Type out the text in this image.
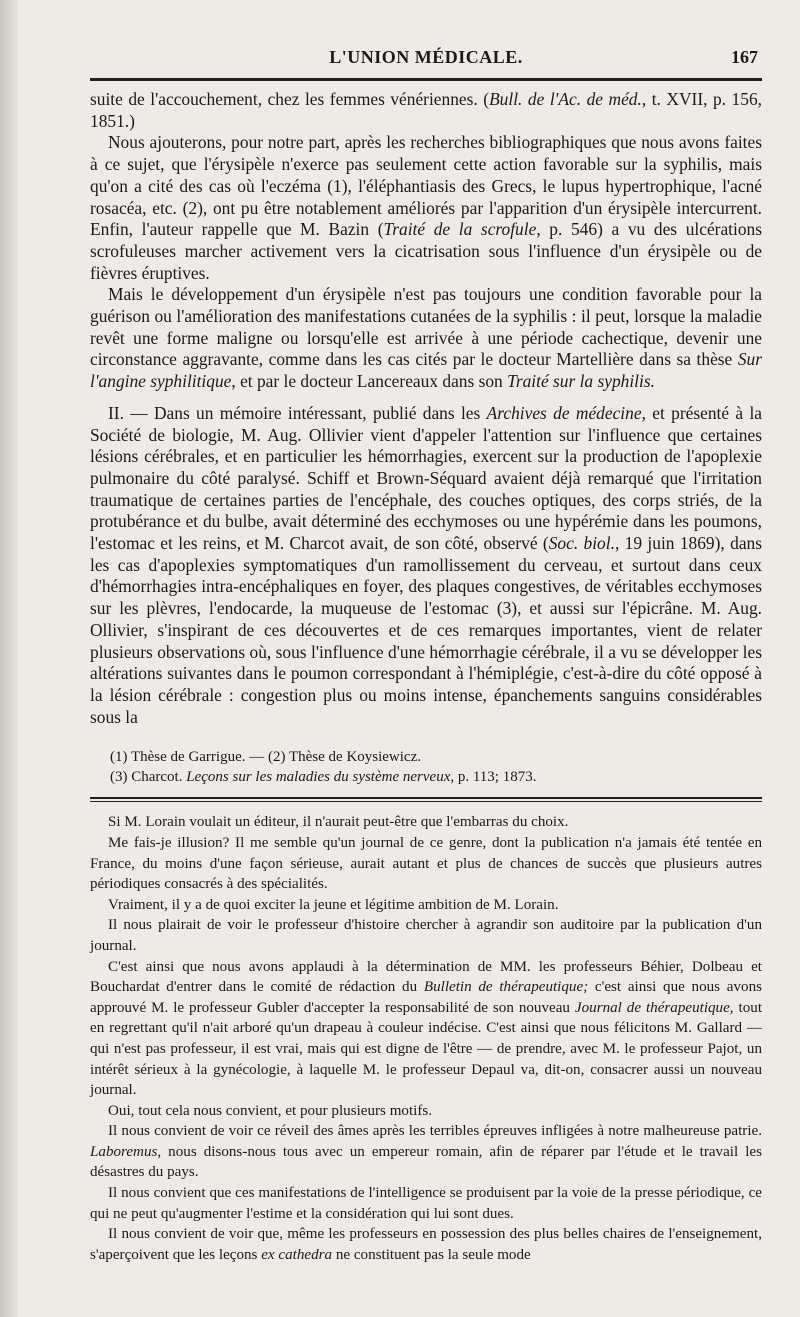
L'UNION MÉDICALE.	167

suite de l'accouchement, chez les femmes vénériennes. (Bull. de l'Ac. de méd., t. XVII, p. 156, 1851.)

Nous ajouterons, pour notre part, après les recherches bibliographiques que nous avons faites à ce sujet, que l'érysipèle n'exerce pas seulement cette action favorable sur la syphilis, mais qu'on a cité des cas où l'eczéma (1), l'éléphantiasis des Grecs, le lupus hypertrophique, l'acné rosacéa, etc. (2), ont pu être notablement améliorés par l'apparition d'un érysipèle intercurrent. Enfin, l'auteur rappelle que M. Bazin (Traité de la scrofule, p. 546) a vu des ulcérations scrofuleuses marcher activement vers la cicatrisation sous l'influence d'un érysipèle ou de fièvres éruptives.

Mais le développement d'un érysipèle n'est pas toujours une condition favorable pour la guérison ou l'amélioration des manifestations cutanées de la syphilis : il peut, lorsque la maladie revêt une forme maligne ou lorsqu'elle est arrivée à une période cachectique, devenir une circonstance aggravante, comme dans les cas cités par le docteur Martellière dans sa thèse Sur l'angine syphilitique, et par le docteur Lancereaux dans son Traité sur la syphilis.

II. — Dans un mémoire intéressant, publié dans les Archives de médecine, et présenté à la Société de biologie, M. Aug. Ollivier vient d'appeler l'attention sur l'influence que certaines lésions cérébrales, et en particulier les hémorrhagies, exercent sur la production de l'apoplexie pulmonaire du côté paralysé. Schiff et Brown-Séquard avaient déjà remarqué que l'irritation traumatique de certaines parties de l'encéphale, des couches optiques, des corps striés, de la protubérance et du bulbe, avait déterminé des ecchymoses ou une hypérémie dans les poumons, l'estomac et les reins, et M. Charcot avait, de son côté, observé (Soc. biol., 19 juin 1869), dans les cas d'apoplexies symptomatiques d'un ramollissement du cerveau, et surtout dans ceux d'hémorrhagies intra-encéphaliques en foyer, des plaques congestives, de véritables ecchymoses sur les plèvres, l'endocarde, la muqueuse de l'estomac (3), et aussi sur l'épicrâne. M. Aug. Ollivier, s'inspirant de ces découvertes et de ces remarques importantes, vient de relater plusieurs observations où, sous l'influence d'une hémorrhagie cérébrale, il a vu se développer les altérations suivantes dans le poumon correspondant à l'hémiplégie, c'est-à-dire du côté opposé à la lésion cérébrale : congestion plus ou moins intense, épanchements sanguins considérables sous la

(1) Thèse de Garrigue. — (2) Thèse de Koysiewicz.
(3) Charcot. Leçons sur les maladies du système nerveux, p. 113; 1873.

Si M. Lorain voulait un éditeur, il n'aurait peut-être que l'embarras du choix.

Me fais-je illusion? Il me semble qu'un journal de ce genre, dont la publication n'a jamais été tentée en France, du moins d'une façon sérieuse, aurait autant et plus de chances de succès que plusieurs autres périodiques consacrés à des spécialités.

Vraiment, il y a de quoi exciter la jeune et légitime ambition de M. Lorain.

Il nous plairait de voir le professeur d'histoire chercher à agrandir son auditoire par la publication d'un journal.

C'est ainsi que nous avons applaudi à la détermination de MM. les professeurs Béhier, Dolbeau et Bouchardat d'entrer dans le comité de rédaction du Bulletin de thérapeutique; c'est ainsi que nous avons approuvé M. le professeur Gubler d'accepter la responsabilité de son nouveau Journal de thérapeutique, tout en regrettant qu'il n'ait arboré qu'un drapeau à couleur indécise. C'est ainsi que nous félicitons M. Gallard — qui n'est pas professeur, il est vrai, mais qui est digne de l'être — de prendre, avec M. le professeur Pajot, un intérêt sérieux à la gynécologie, à laquelle M. le professeur Depaul va, dit-on, consacrer aussi un nouveau journal.

Oui, tout cela nous convient, et pour plusieurs motifs.

Il nous convient de voir ce réveil des âmes après les terribles épreuves infligées à notre malheureuse patrie. Laboremus, nous disons-nous tous avec un empereur romain, afin de réparer par l'étude et le travail les désastres du pays.

Il nous convient que ces manifestations de l'intelligence se produisent par la voie de la presse périodique, ce qui ne peut qu'augmenter l'estime et la considération qui lui sont dues.

Il nous convient de voir que, même les professeurs en possession des plus belles chaires de l'enseignement, s'aperçoivent que les leçons ex cathedra ne constituent pas la seule mode
